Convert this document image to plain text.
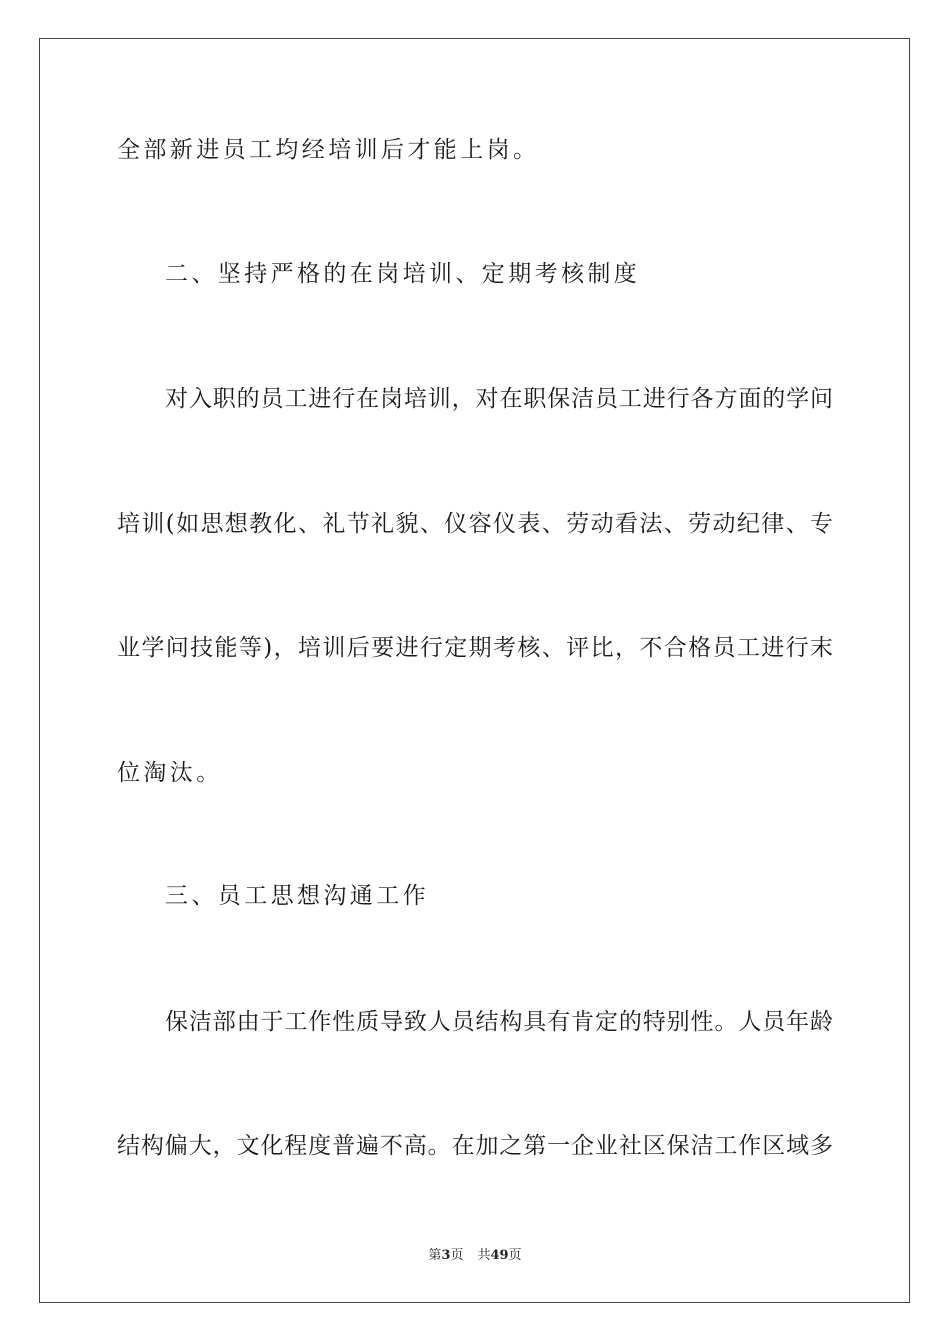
全部新进员工均经培训后才能上岗。
二、坚持严格的在岗培训、定期考核制度
对入职的员工进行在岗培训，对在职保洁员工进行各方面的学问
培训(如思想教化、礼节礼貌、仪容仪表、劳动看法、劳动纪律、专
业学问技能等)，培训后要进行定期考核、评比，不合格员工进行末
位淘汰。
三、员工思想沟通工作
保洁部由于工作性质导致人员结构具有肯定的特别性。人员年龄
结构偏大，文化程度普遍不高。在加之第一企业社区保洁工作区域多
第3页 共49页
